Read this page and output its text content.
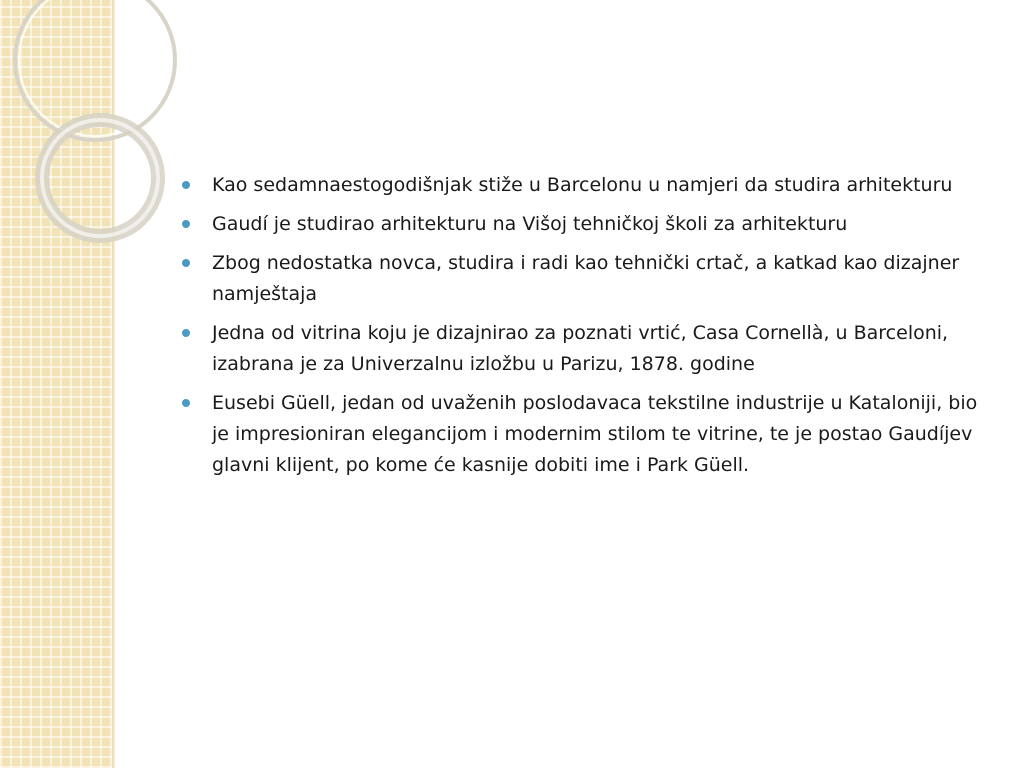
Kao sedamnaestogodišnjak stiže u Barcelonu u namjeri da studira arhitekturu
Gaudí je studirao arhitekturu na Višoj tehničkoj školi za arhitekturu
Zbog nedostatka novca, studira i radi kao tehnički crtač, a katkad kao dizajner namještaja
Jedna od vitrina koju je dizajnirao za poznati vrtić, Casa Cornellà, u Barceloni, izabrana je za Univerzalnu izložbu u Parizu, 1878. godine
Eusebi Güell, jedan od uvaženih poslodavaca tekstilne industrije u Kataloniji, bio je impresioniran elegancijom i modernim stilom te vitrine, te je postao Gaudíjev glavni klijent, po kome će kasnije dobiti ime i Park Güell.
